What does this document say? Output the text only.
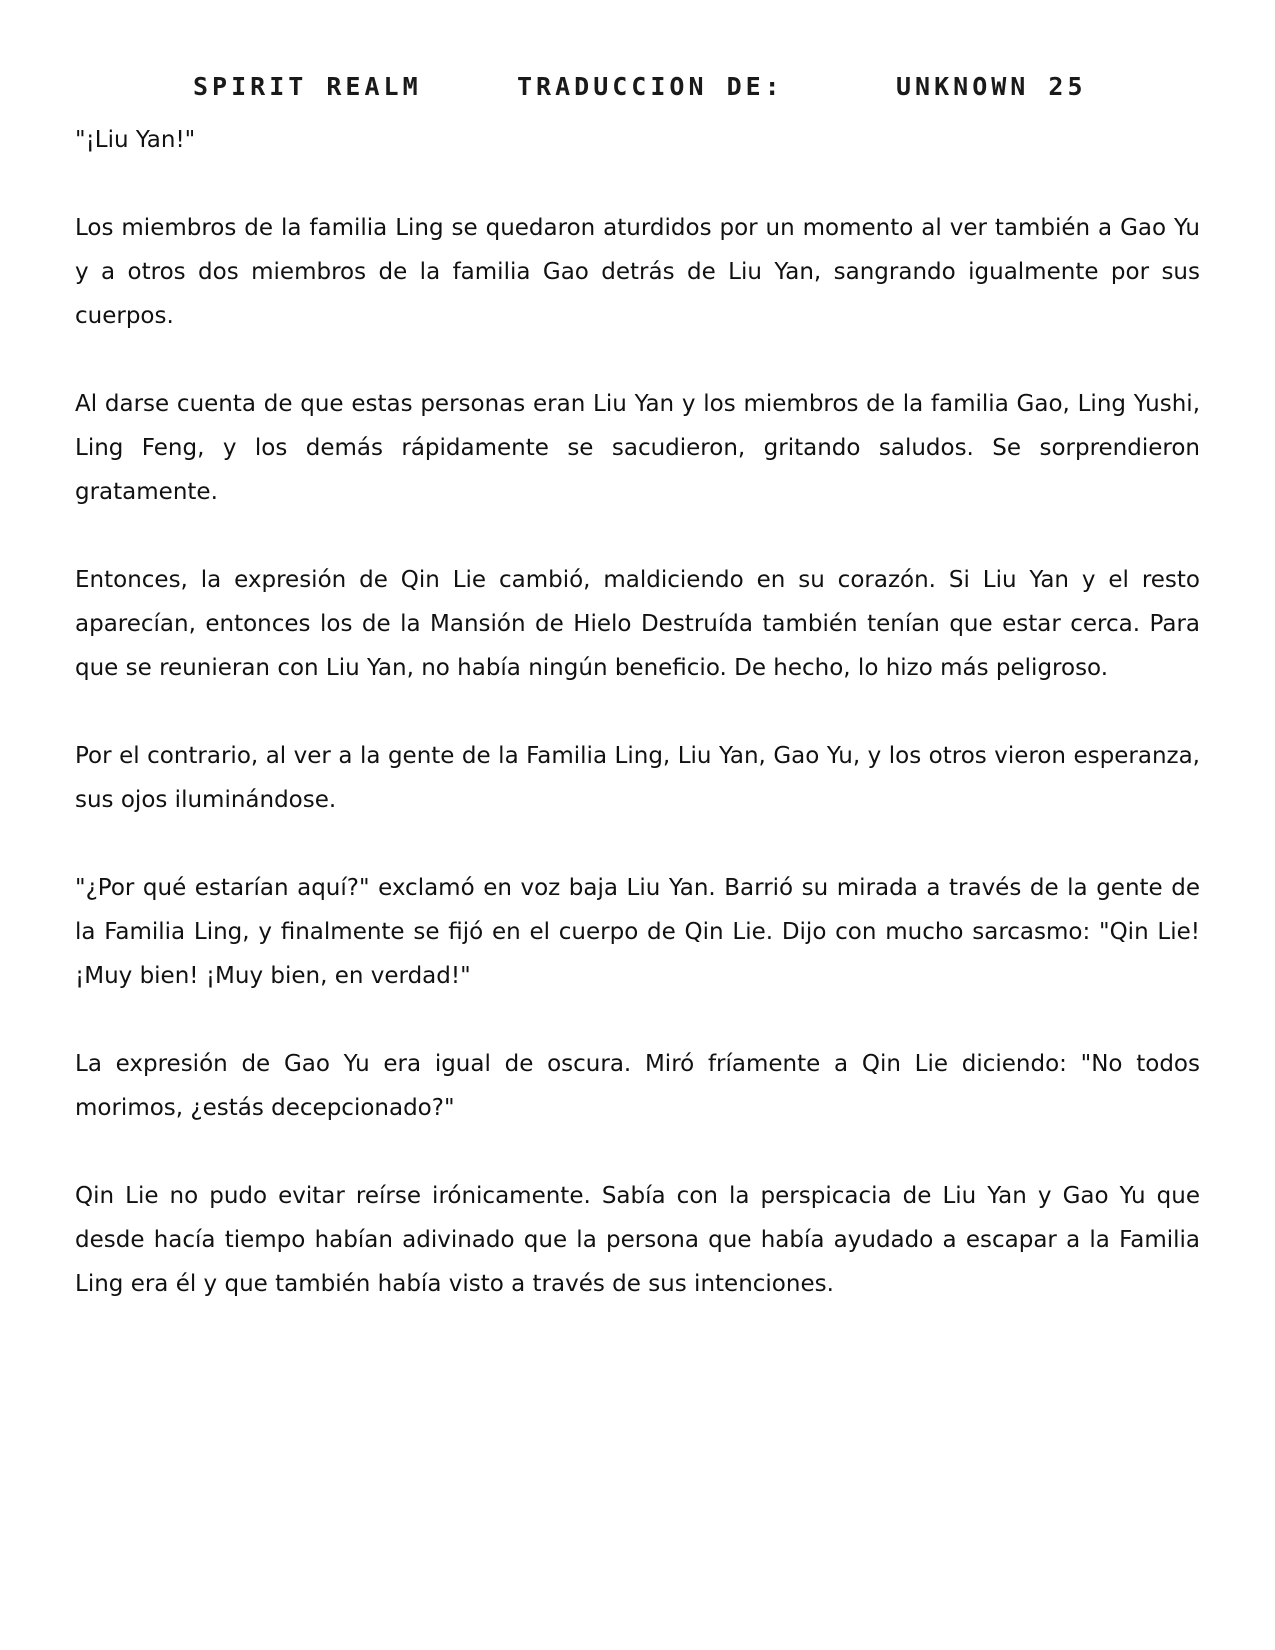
SPIRIT REALM	TRADUCCION DE:	UNKNOWN 25

"¡Liu Yan!"

Los miembros de la familia Ling se quedaron aturdidos por un momento al ver también a Gao Yu y a otros dos miembros de la familia Gao detrás de Liu Yan, sangrando igualmente por sus cuerpos.

Al darse cuenta de que estas personas eran Liu Yan y los miembros de la familia Gao, Ling Yushi, Ling Feng, y los demás rápidamente se sacudieron, gritando saludos. Se sorprendieron gratamente.

Entonces, la expresión de Qin Lie cambió, maldiciendo en su corazón. Si Liu Yan y el resto aparecían, entonces los de la Mansión de Hielo Destruída también tenían que estar cerca. Para que se reunieran con Liu Yan, no había ningún beneficio. De hecho, lo hizo más peligroso.

Por el contrario, al ver a la gente de la Familia Ling, Liu Yan, Gao Yu, y los otros vieron esperanza, sus ojos iluminándose.

"¿Por qué estarían aquí?" exclamó en voz baja Liu Yan. Barrió su mirada a través de la gente de la Familia Ling, y finalmente se fijó en el cuerpo de Qin Lie. Dijo con mucho sarcasmo: "Qin Lie! ¡Muy bien! ¡Muy bien, en verdad!"

La expresión de Gao Yu era igual de oscura. Miró fríamente a Qin Lie diciendo: "No todos morimos, ¿estás decepcionado?"

Qin Lie no pudo evitar reírse irónicamente. Sabía con la perspicacia de Liu Yan y Gao Yu que desde hacía tiempo habían adivinado que la persona que había ayudado a escapar a la Familia Ling era él y que también había visto a través de sus intenciones.
